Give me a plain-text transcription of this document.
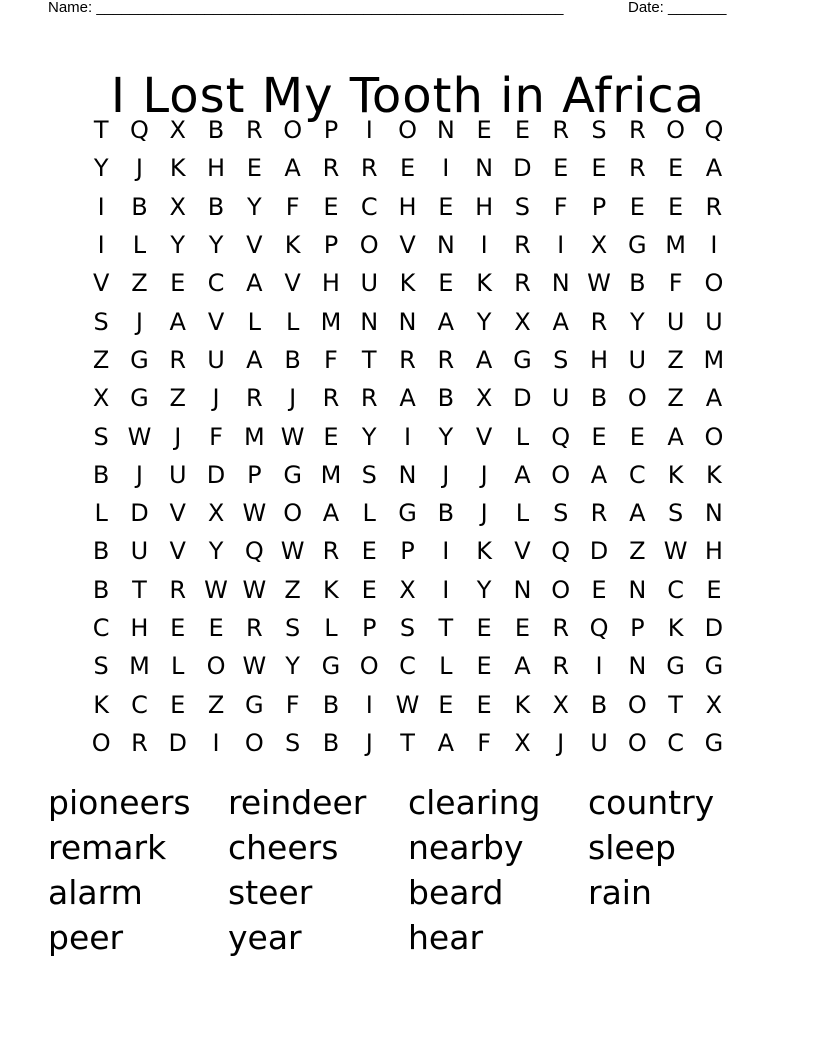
Name: ________________________________________________________	Date: _______
I Lost My Tooth in Africa
T Q X B R O P	I	O N E E R S R O Q
Y	J	K H E A R R E	I	N D E E R E A
I	B X B Y	F E C H E H S F	P E E R
I	L	Y Y V K P O V N	I	R	I	X G M	I
V Z E C A V H U K E K R N W B F O
S	J	A V L	L M N N A Y X A R Y U U
Z G R U A B F	T R R A G S H U Z M
X G Z	J	R	J	R R A B X D U B O Z A
S W J	F M W E Y	I	Y V L Q E E A O
B	J	U D P G M S N	J	J	A O A C K K
L D V X W O A L G B	J	L	S R A S N
B U V Y Q W R E P	I	K V Q D Z W H
B T R W W Z K E X	I	Y N O E N C E
C H E E R S L	P S T E E R Q P K D
S M L O W Y G O C L	E A R	I	N G G
K C E Z G F B	I W E E K X B O T X
O R D	I	O S B	J	T A F X	J	U O C G
pioneers	reindeer	clearing	country
remark	cheers	nearby	sleep
alarm	steer	beard	rain
peer	year	hear
